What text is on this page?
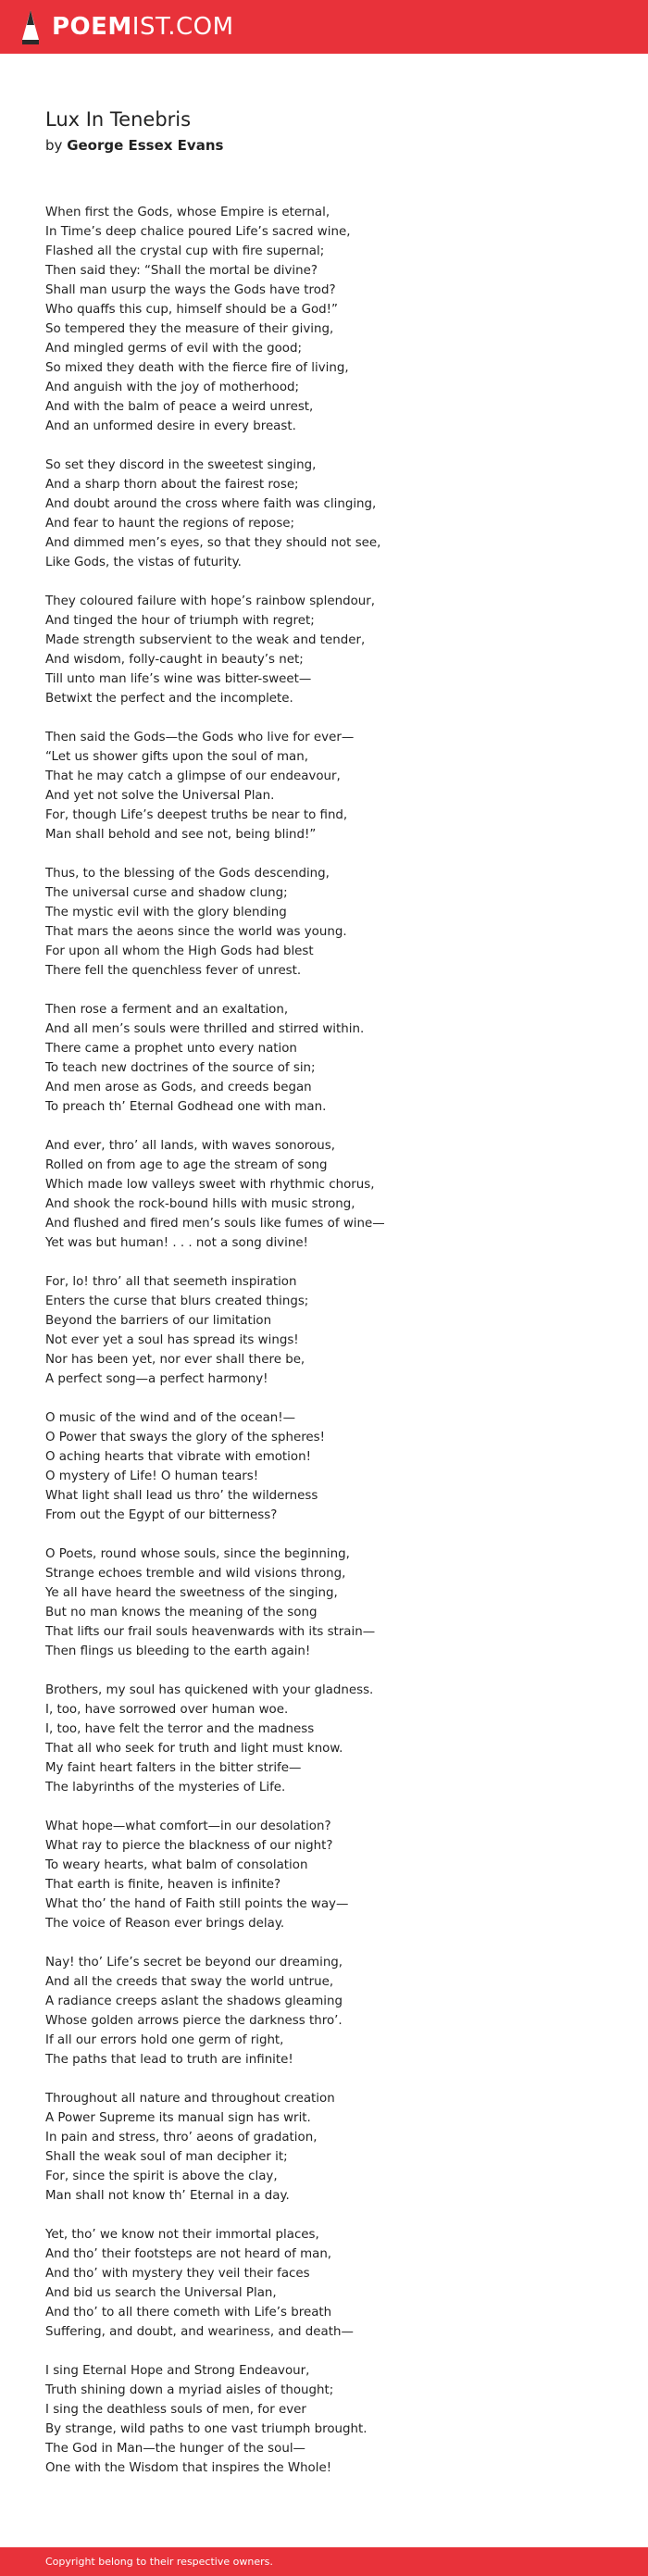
POEMIST.COM
Lux In Tenebris
by George Essex Evans
When first the Gods, whose Empire is eternal,
In Time’s deep chalice poured Life’s sacred wine,
Flashed all the crystal cup with fire supernal;
Then said they: “Shall the mortal be divine?
Shall man usurp the ways the Gods have trod?
Who quaffs this cup, himself should be a God!”
So tempered they the measure of their giving,
And mingled germs of evil with the good;
So mixed they death with the fierce fire of living,
And anguish with the joy of motherhood;
And with the balm of peace a weird unrest,
And an unformed desire in every breast.
So set they discord in the sweetest singing,
And a sharp thorn about the fairest rose;
And doubt around the cross where faith was clinging,
And fear to haunt the regions of repose;
And dimmed men’s eyes, so that they should not see,
Like Gods, the vistas of futurity.
They coloured failure with hope’s rainbow splendour,
And tinged the hour of triumph with regret;
Made strength subservient to the weak and tender,
And wisdom, folly-caught in beauty’s net;
Till unto man life’s wine was bitter-sweet—
Betwixt the perfect and the incomplete.
Then said the Gods—the Gods who live for ever—
“Let us shower gifts upon the soul of man,
That he may catch a glimpse of our endeavour,
And yet not solve the Universal Plan.
For, though Life’s deepest truths be near to find,
Man shall behold and see not, being blind!”
Thus, to the blessing of the Gods descending,
The universal curse and shadow clung;
The mystic evil with the glory blending
That mars the aeons since the world was young.
For upon all whom the High Gods had blest
There fell the quenchless fever of unrest.
Then rose a ferment and an exaltation,
And all men’s souls were thrilled and stirred within.
There came a prophet unto every nation
To teach new doctrines of the source of sin;
And men arose as Gods, and creeds began
To preach th’ Eternal Godhead one with man.
And ever, thro’ all lands, with waves sonorous,
Rolled on from age to age the stream of song
Which made low valleys sweet with rhythmic chorus,
And shook the rock-bound hills with music strong,
And flushed and fired men’s souls like fumes of wine—
Yet was but human! . . . not a song divine!
For, lo! thro’ all that seemeth inspiration
Enters the curse that blurs created things;
Beyond the barriers of our limitation
Not ever yet a soul has spread its wings!
Nor has been yet, nor ever shall there be,
A perfect song—a perfect harmony!
O music of the wind and of the ocean!—
O Power that sways the glory of the spheres!
O aching hearts that vibrate with emotion!
O mystery of Life! O human tears!
What light shall lead us thro’ the wilderness
From out the Egypt of our bitterness?
O Poets, round whose souls, since the beginning,
Strange echoes tremble and wild visions throng,
Ye all have heard the sweetness of the singing,
But no man knows the meaning of the song
That lifts our frail souls heavenwards with its strain—
Then flings us bleeding to the earth again!
Brothers, my soul has quickened with your gladness.
I, too, have sorrowed over human woe.
I, too, have felt the terror and the madness
That all who seek for truth and light must know.
My faint heart falters in the bitter strife—
The labyrinths of the mysteries of Life.
What hope—what comfort—in our desolation?
What ray to pierce the blackness of our night?
To weary hearts, what balm of consolation
That earth is finite, heaven is infinite?
What tho’ the hand of Faith still points the way—
The voice of Reason ever brings delay.
Nay! tho’ Life’s secret be beyond our dreaming,
And all the creeds that sway the world untrue,
A radiance creeps aslant the shadows gleaming
Whose golden arrows pierce the darkness thro’.
If all our errors hold one germ of right,
The paths that lead to truth are infinite!
Throughout all nature and throughout creation
A Power Supreme its manual sign has writ.
In pain and stress, thro’ aeons of gradation,
Shall the weak soul of man decipher it;
For, since the spirit is above the clay,
Man shall not know th’ Eternal in a day.
Yet, tho’ we know not their immortal places,
And tho’ their footsteps are not heard of man,
And tho’ with mystery they veil their faces
And bid us search the Universal Plan,
And tho’ to all there cometh with Life’s breath
Suffering, and doubt, and weariness, and death—
I sing Eternal Hope and Strong Endeavour,
Truth shining down a myriad aisles of thought;
I sing the deathless souls of men, for ever
By strange, wild paths to one vast triumph brought.
The God in Man—the hunger of the soul—
One with the Wisdom that inspires the Whole!
Copyright belong to their respective owners.
